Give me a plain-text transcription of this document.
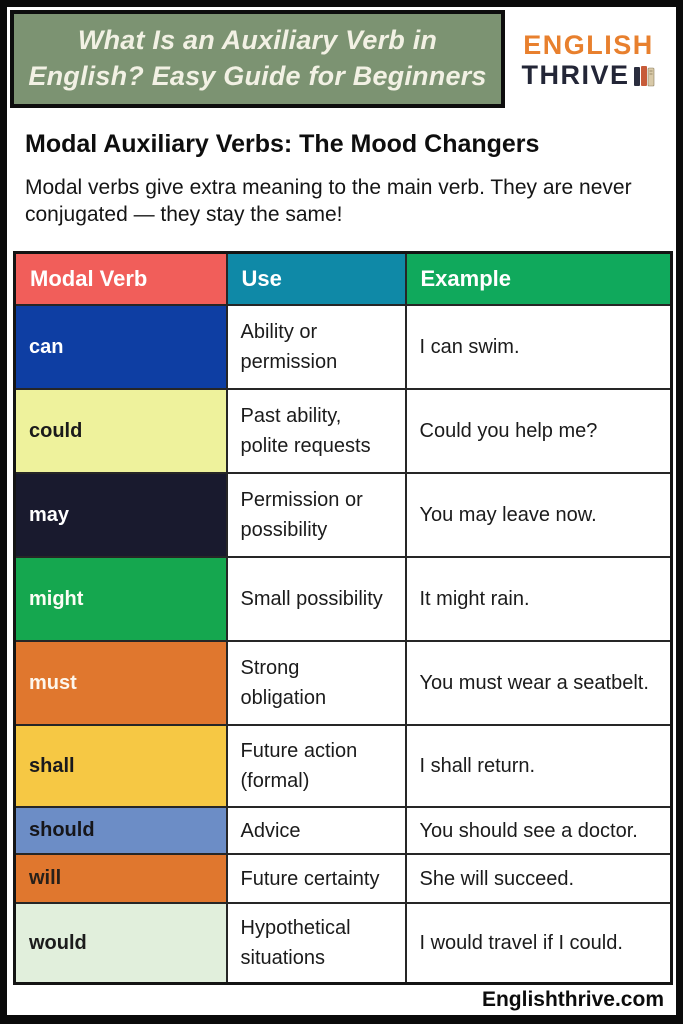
What Is an Auxiliary Verb in English? Easy Guide for Beginners
ENGLISH
THRIVE
Modal Auxiliary Verbs: The Mood Changers

Modal verbs give extra meaning to the main verb. They are never conjugated — they stay the same!

Modal Verb	Use	Example
can	Ability or permission	I can swim.
could	Past ability, polite requests	Could you help me?
may	Permission or possibility	You may leave now.
might	Small possibility	It might rain.
must	Strong obligation	You must wear a seatbelt.
shall	Future action (formal)	I shall return.
should	Advice	You should see a doctor.
will	Future certainty	She will succeed.
would	Hypothetical situations	I would travel if I could.
Englishthrive.com
